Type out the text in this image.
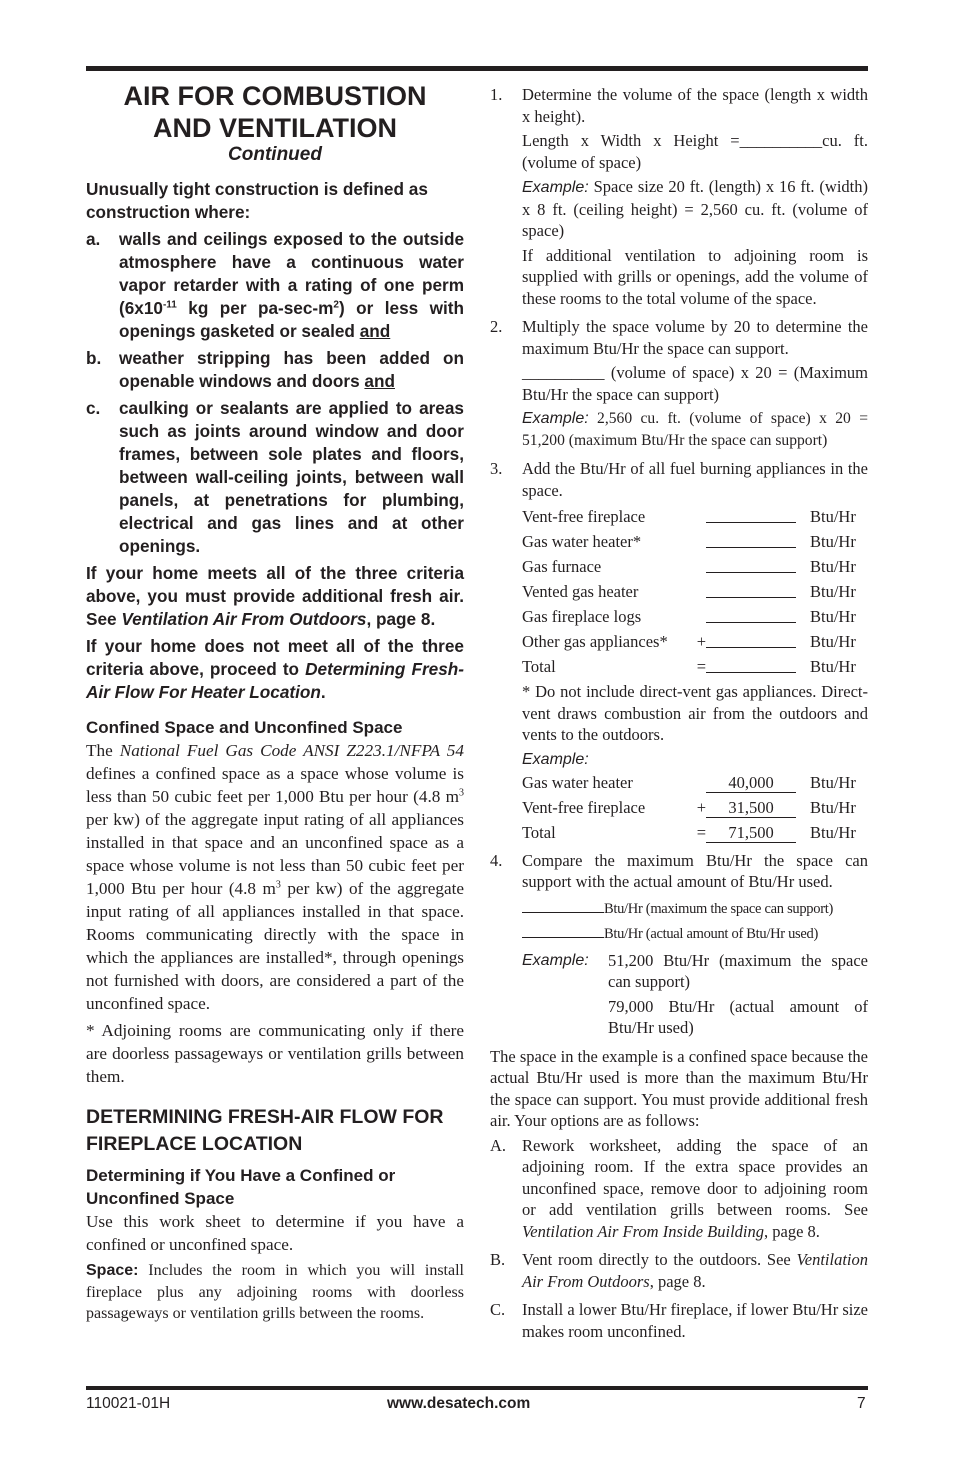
AIR FOR COMBUSTION
AND VENTILATION
Continued

Unusually tight construction is defined as construction where:

a.	walls and ceilings exposed to the outside atmosphere have a continuous water vapor retarder with a rating of one perm ($6x10^{-11}$ kg per $pa-\sec-m^2$) or less with openings gasketed or sealed and
b.	weather stripping has been added on openable windows and doors and
c.	caulking or sealants are applied to areas such as joints around window and door frames, between sole plates and floors, between wall-ceiling joints, between wall panels, at penetrations for plumbing, electrical and gas lines and at other openings.

If your home meets all of the three criteria above, you must provide additional fresh air. See Ventilation Air From Outdoors, page 8.

If your home does not meet all of the three criteria above, proceed to Determining Fresh-Air Flow For Heater Location.

Confined Space and Unconfined Space

The National Fuel Gas Code ANSI Z223.1/NFPA 54 defines a confined space as a space whose volume is less than 50 cubic feet per 1,000 Btu per hour (4.8 $m^3$ per kw) of the aggregate input rating of all appliances installed in that space and an unconfined space as a space whose volume is not less than 50 cubic feet per 1,000 Btu per hour (4.8 $m^3$ per kw) of the aggregate input rating of all appliances installed in that space. Rooms communicating directly with the space in which the appliances are installed*, through openings not furnished with doors, are considered a part of the unconfined space.

* Adjoining rooms are communicating only if there are doorless passageways or ventilation grills between them.

DETERMINING FRESH-AIR FLOW FOR FIREPLACE LOCATION
Determining if You Have a Confined or Unconfined Space

Use this work sheet to determine if you have a confined or unconfined space.

Space: Includes the room in which you will install fireplace plus any adjoining rooms with doorless passageways or ventilation grills between the rooms.

1.	Determine the volume of the space (length x width x height).

Length x Width x Height =__________cu. ft. (volume of space)

Example: Space size 20 ft. (length) x 16 ft. (width) x 8 ft. (ceiling height) = 2,560 cu. ft. (volume of space)

If additional ventilation to adjoining room is supplied with grills or openings, add the volume of these rooms to the total volume of the space.

2.	Multiply the space volume by 20 to determine the maximum Btu/Hr the space can support.

__________ (volume of space) x 20 = (Maximum Btu/Hr the space can support)

Example: 2,560 cu. ft. (volume of space) x 20 = 51,200 (maximum Btu/Hr the space can support)

3.	Add the Btu/Hr of all fuel burning appliances in the space.

Vent-free fireplace			Btu/Hr
Gas water heater*			Btu/Hr
Gas furnace			Btu/Hr
Vented gas heater			Btu/Hr
Gas fireplace logs			Btu/Hr
Other gas appliances*	+		Btu/Hr
Total	=		Btu/Hr

* Do not include direct-vent gas appliances. Direct-vent draws combustion air from the outdoors and vents to the outdoors.

Example:
Gas water heater		40,000	Btu/Hr
Vent-free fireplace	+	31,500	Btu/Hr
Total	=	71,500	Btu/Hr
4.	Compare the maximum Btu/Hr the space can support with the actual amount of Btu/Hr used.

Btu/Hr (maximum the space can support)
Btu/Hr (actual amount of Btu/Hr used)
Example:	51,200 Btu/Hr (maximum the space can support)

79,000 Btu/Hr (actual amount of Btu/Hr used)

The space in the example is a confined space because the actual Btu/Hr used is more than the maximum Btu/Hr the space can support. You must provide additional fresh air. Your options are as follows:

A. Rework worksheet, adding the space of an adjoining room. If the extra space provides an unconfined space, remove door to adjoining room or add ventilation grills between rooms. See Ventilation Air From Inside Building, page 8.

B.	Vent room directly to the outdoors. See Ventilation Air From Outdoors, page 8.

C.	Install a lower Btu/Hr fireplace, if lower Btu/Hr size makes room unconfined.

110021-01H	www.desatech.com	7
